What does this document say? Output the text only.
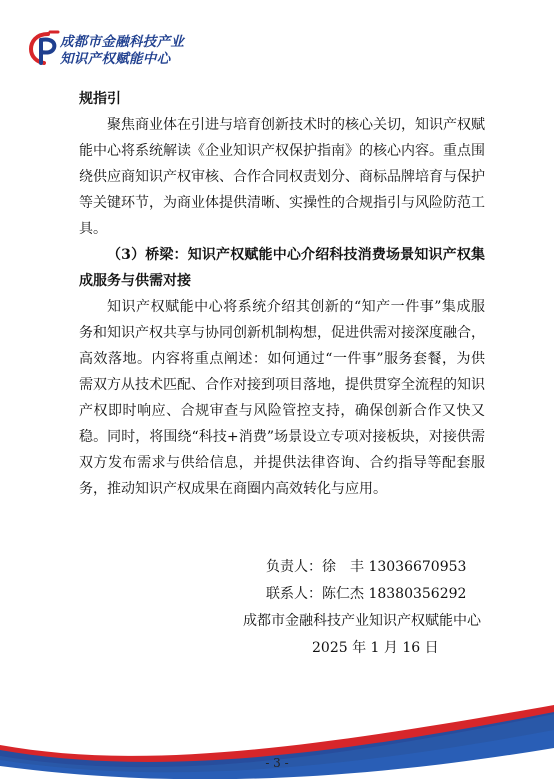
成都市金融科技产业
知识产权赋能中心

规指引

聚焦商业体在引进与培育创新技术时的核心关切，知识产权赋能中心将系统解读《企业知识产权保护指南》的核心内容。重点围绕供应商知识产权审核、合作合同权责划分、商标品牌培育与保护等关键环节，为商业体提供清晰、实操性的合规指引与风险防范工具。

（3）桥梁：知识产权赋能中心介绍科技消费场景知识产权集成服务与供需对接

知识产权赋能中心将系统介绍其创新的“知产一件事”集成服务和知识产权共享与协同创新机制构想，促进供需对接深度融合，高效落地。内容将重点阐述：如何通过“一件事”服务套餐，为供需双方从技术匹配、合作对接到项目落地，提供贯穿全流程的知识产权即时响应、合规审查与风险管控支持，确保创新合作又快又稳。同时，将围绕“科技+消费”场景设立专项对接板块，对接供需双方发布需求与供给信息，并提供法律咨询、合约指导等配套服务，推动知识产权成果在商圈内高效转化与应用。

负责人：徐　丰 13036670953
联系人：陈仁杰 18380356292
成都市金融科技产业知识产权赋能中心
2025 年 1 月 16 日
- 3 -
